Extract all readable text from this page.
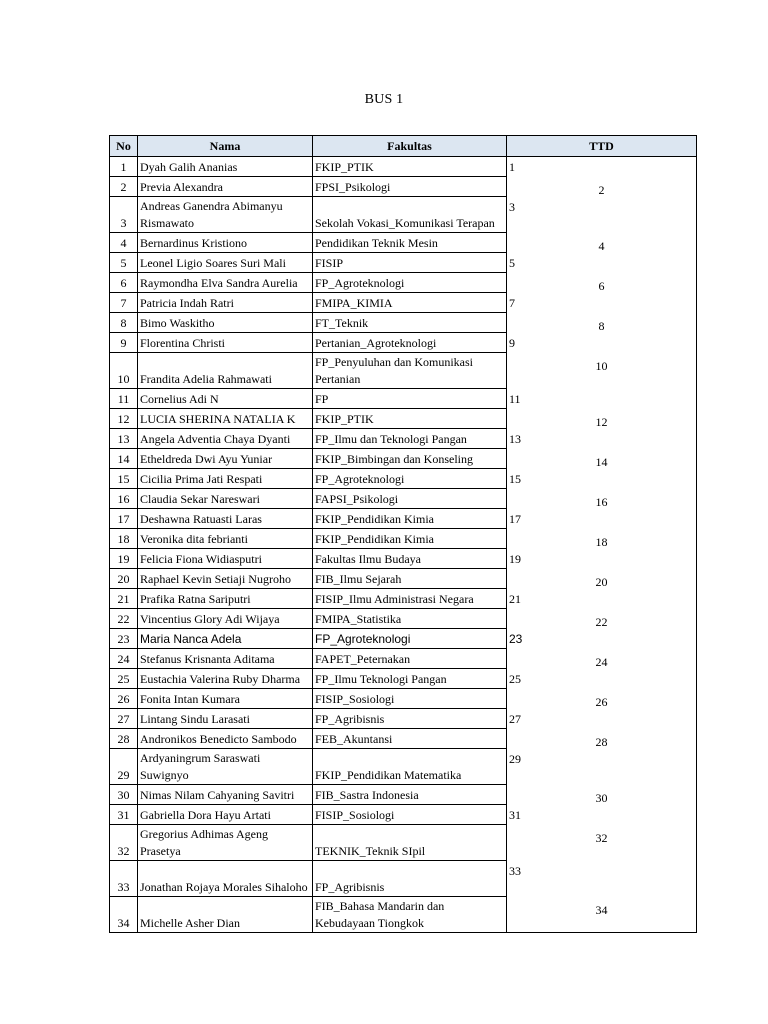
BUS 1
No	Nama	Fakultas	TTD
1	Dyah Galih Ananias	FKIP_PTIK	1

2	Previa Alexandra	FPSI_Psikologi	2

3	Andreas Ganendra Abimanyu Rismawato	Sekolah Vokasi_Komunikasi Terapan	3

4	Bernardinus Kristiono	Pendidikan Teknik Mesin	4

5	Leonel Ligio Soares Suri Mali	FISIP	5

6	Raymondha Elva Sandra Aurelia	FP_Agroteknologi	6

7	Patricia Indah Ratri	FMIPA_KIMIA	7

8	Bimo Waskitho	FT_Teknik	8

9	Florentina Christi	Pertanian_Agroteknologi	9

10	Frandita Adelia Rahmawati	FP_Penyuluhan dan Komunikasi Pertanian	10

11	Cornelius Adi N	FP	11

12	LUCIA SHERINA NATALIA K	FKIP_PTIK	12

13	Angela Adventia Chaya Dyanti	FP_Ilmu dan Teknologi Pangan	13

14	Etheldreda Dwi Ayu Yuniar	FKIP_Bimbingan dan Konseling	14

15	Cicilia Prima Jati Respati	FP_Agroteknologi	15

16	Claudia Sekar Nareswari	FAPSI_Psikologi	16

17	Deshawna Ratuasti Laras	FKIP_Pendidikan Kimia	17

18	Veronika dita febrianti	FKIP_Pendidikan Kimia	18

19	Felicia Fiona Widiasputri	Fakultas Ilmu Budaya	19

20	Raphael Kevin Setiaji Nugroho	FIB_Ilmu Sejarah	20

21	Prafika Ratna Sariputri	FISIP_Ilmu Administrasi Negara	21

22	Vincentius Glory Adi Wijaya	FMIPA_Statistika	22

23	Maria Nanca Adela	FP_Agroteknologi	23

24	Stefanus Krisnanta Aditama	FAPET_Peternakan	24

25	Eustachia Valerina Ruby Dharma	FP_Ilmu Teknologi Pangan	25

26	Fonita Intan Kumara	FISIP_Sosiologi	26

27	Lintang Sindu Larasati	FP_Agribisnis	27

28	Andronikos Benedicto Sambodo	FEB_Akuntansi	28

29	Ardyaningrum Saraswati Suwignyo	FKIP_Pendidikan Matematika	29

30	Nimas Nilam Cahyaning Savitri	FIB_Sastra Indonesia	30

31	Gabriella Dora Hayu Artati	FISIP_Sosiologi	31

32	Gregorius Adhimas Ageng Prasetya	TEKNIK_Teknik SIpil	32

33	Jonathan Rojaya Morales Sihaloho	FP_Agribisnis	33

34	Michelle Asher Dian	FIB_Bahasa Mandarin dan Kebudayaan Tiongkok	34
